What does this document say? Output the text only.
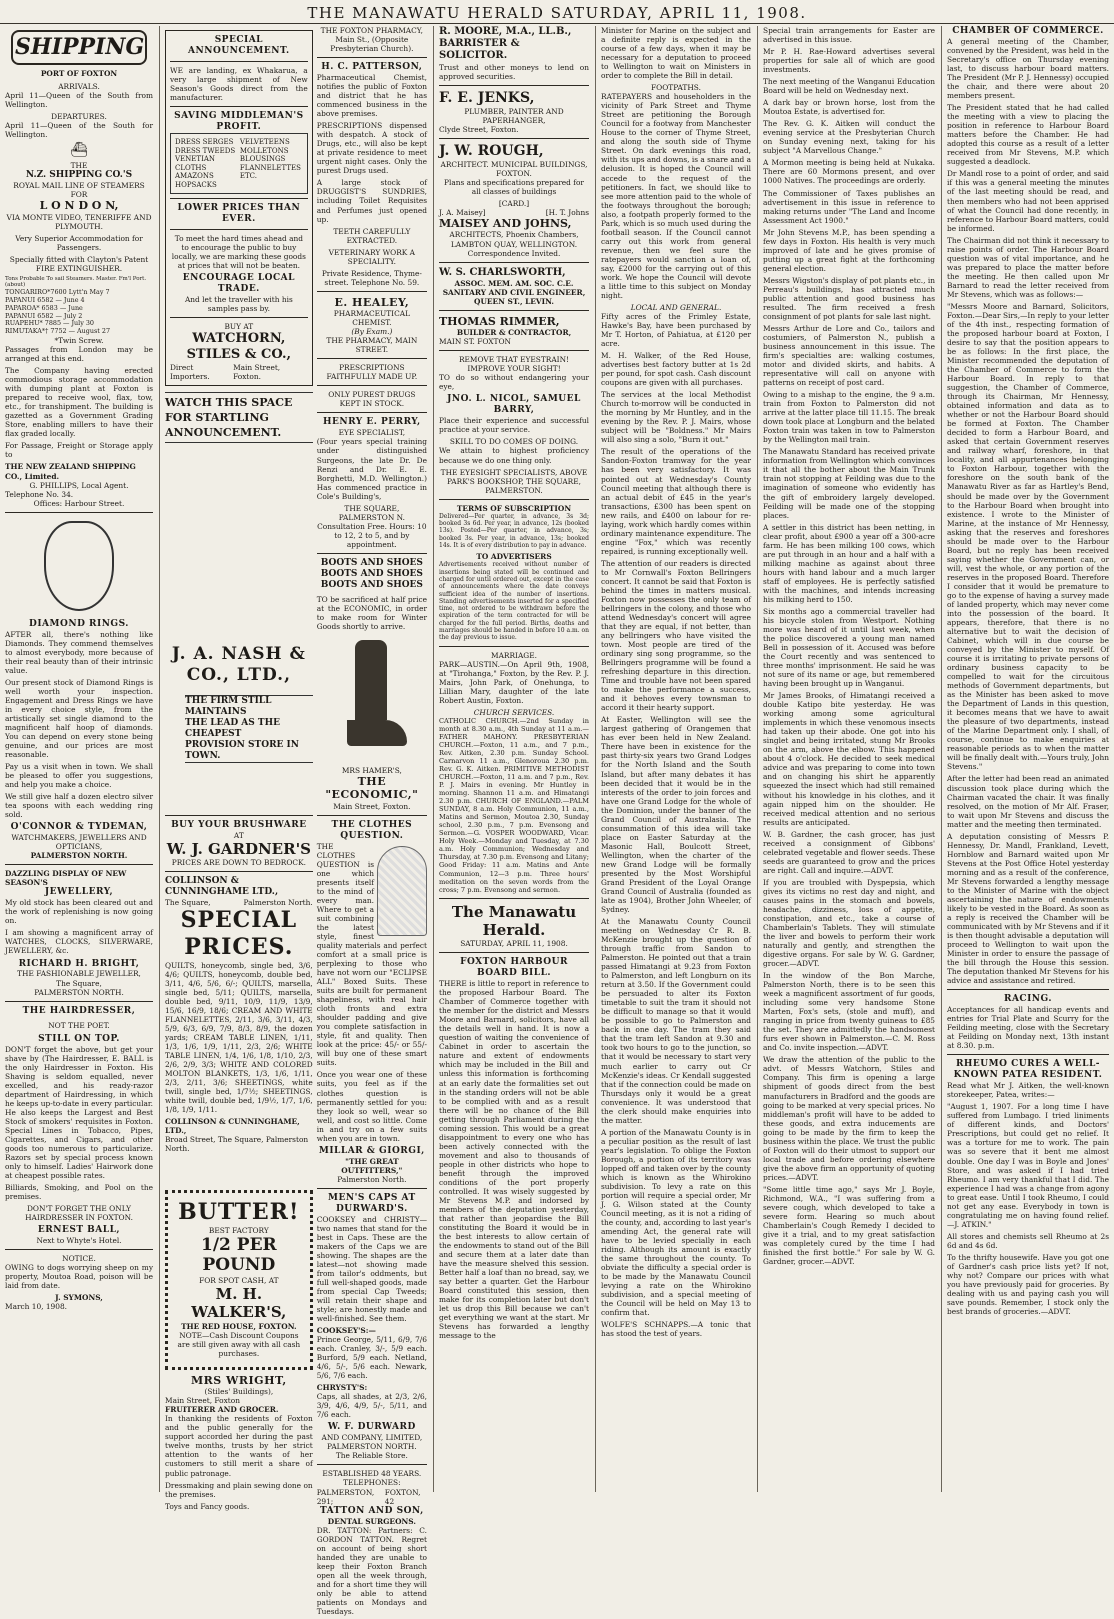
THE MANAWATU HERALD SATURDAY, APRIL 11, 1908.
SHIPPING
PORT OF FOXTON
ARRIVALS.

April 11—Queen of the South from Wellington.

DEPARTURES.

April 11—Queen of the South for Wellington.

⛴
THE
N.Z. SHIPPING CO.'S
ROYAL MAIL LINE OF STEAMERS
FOR
L O N D O N,
VIA MONTE VIDEO, TENERIFFE AND PLYMOUTH.

Very Superior Accommodation for Passengers.

Specially fitted with Clayton's Patent FIRE EXTINGUISHER.

Tons Probable To sail Steamers. Master. Fm'l Port. (about)
TONGARIRO*7600 Lytt'n May 7
PAPANUI 6582 — June 4
PAPAROA* 6583 — June
PAPANUI 6582 — July 2
RUAPEHU* 7885 — July 30
RIMUTAKA*† 7752 — August 27
*Twin Screw.

Passages from London may be arranged at this end.

The Company having erected commodious storage accommodation with dumping plant at Foxton is prepared to receive wool, flax, tow, etc., for transhipment. The building is gazetted as a Government Grading Store, enabling millers to have their flax graded locally.

For Passage, Freight or Storage apply to

THE NEW ZEALAND SHIPPING CO., Limited.
G. PHILLIPS, Local Agent.
Telephone No. 34.
Offices: Harbour Street.
DIAMOND RINGS.

AFTER all, there's nothing like Diamonds. They commend themselves to almost everybody, more because of their real beauty than of their intrinsic value.

Our present stock of Diamond Rings is well worth your inspection. Engagement and Dress Rings we have in every choice style, from the artistically set single diamond to the magnificent half hoop of diamonds. You can depend on every stone being genuine, and our prices are most reasonable.

Pay us a visit when in town. We shall be pleased to offer you suggestions, and help you make a choice.

We still give half a dozen electro silver tea spoons with each wedding ring sold.

O'CONNOR & TYDEMAN,
WATCHMAKERS, JEWELLERS AND OPTICIANS,
PALMERSTON NORTH.
DAZZLING DISPLAY OF NEW SEASON'S
JEWELLERY,

My old stock has been cleared out and the work of replenishing is now going on.

I am showing a magnificent array of WATCHES, CLOCKS, SILVERWARE, JEWELLERY, &c.

RICHARD H. BRIGHT,
THE FASHIONABLE JEWELLER,
The Square,
PALMERSTON NORTH.
THE HAIRDRESSER,
NOT THE POET.
STILL ON TOP.

DON'T forget the above, but get your shave by (The Hairdresser, E. BALL is the only Hairdresser in Foxton. His Shaving is seldom equalled, never excelled, and his ready-razor department of Hairdressing, in which he keeps up-to-date in every particular. He also keeps the Largest and Best Stock of smokers' requisites in Foxton. Special Lines in Tobacco, Pipes, Cigarettes, and Cigars, and other goods too numerous to particularize. Razors set by special process known only to himself. Ladies' Hairwork done at cheapest possible rates.

Billiards, Smoking, and Pool on the premises.

DON'T FORGET THE ONLY HAIRDRESSER IN FOXTON.

ERNEST BALL,
Next to Whyte's Hotel.
NOTICE.

OWING to dogs worrying sheep on my property, Moutoa Road, poison will be laid from date.

J. SYMONS,
March 10, 1908.
SPECIAL ANNOUNCEMENT.

WE are landing, ex Whakarua, a very large shipment of New Season's Goods direct from the manufacturer.

SAVING MIDDLEMAN'S PROFIT.
DRESS SERGES
DRESS TWEEDS
VENETIAN CLOTHS
AMAZONS
HOPSACKS
VELVETEENS
MOLLETONS
BLOUSINGS
FLANNELETTES
ETC.
LOWER PRICES THAN EVER.

To meet the hard times ahead and to encourage the public to buy locally, we are marking these goods at prices that will not be beaten.

ENCOURAGE LOCAL TRADE.

And let the traveller with his samples pass by.

BUY AT
WATCHORN, STILES & CO.,
Direct Importers.
Main Street, Foxton.
WATCH THIS SPACE
FOR STARTLING
ANNOUNCEMENT.
THE FOXTON PHARMACY, Main St., (Opposite Presbyterian Church).
H. C. PATTERSON,

Pharmaceutical Chemist, notifies the public of Foxton and district that he has commenced business in the above premises.

PRESCRIPTIONS dispensed with despatch. A stock of Drugs, etc., will also be kept at private residence to meet urgent night cases. Only the purest Drugs used.

A large stock of DRUGGIST'S SUNDRIES, including Toilet Requisites and Perfumes just opened up.

TEETH CAREFULLY EXTRACTED.
VETERINARY WORK A SPECIALITY.
Private Residence, Thyme-street. Telephone No. 59.
E. HEALEY,
PHARMACEUTICAL CHEMIST.
(By Exam.)
THE PHARMACY, MAIN STREET.
PRESCRIPTIONS FAITHFULLY MADE UP.
ONLY PUREST DRUGS KEPT IN STOCK.
HENRY E. PERRY,
EYE SPECIALIST,

(Four years special training under distinguished Surgeons, the late Dr. De Renzi and Dr. E. E. Borghetti, M.D. Wellington.) Has commenced practice in Cole's Building's,

THE SQUARE, PALMERSTON N.

Consultation Free. Hours: 10 to 12, 2 to 5, and by appointment.

BOOTS AND SHOES
BOOTS AND SHOES
BOOTS AND SHOES

TO be sacrificed at half price at the ECONOMIC, in order to make room for Winter Goods shortly to arrive.

J. A. NASH & CO., LTD.,
THE FIRM STILL MAINTAINS
THE LEAD AS THE CHEAPEST
PROVISION STORE IN TOWN.
MRS HAMER'S,
THE "ECONOMIC,"
Main Street, Foxton.
BUY YOUR BRUSHWARE
AT
W. J. GARDNER'S
PRICES ARE DOWN TO BEDROCK.
COLLINSON & CUNNINGHAME LTD.,
The Square,	Palmerston North.
SPECIAL PRICES.

QUILTS, honeycomb, single bed, 3/6, 4/6; QUILTS, honeycomb, double bed, 3/11, 4/6, 5/6, 6/-; QUILTS, marsella, single bed, 5/11; QUILTS, marsella, double bed, 9/11, 10/9, 11/9, 13/9, 15/6, 16/9, 18/6; CREAM AND WHITE FLANNELETTES, 2/11, 3/6, 3/11, 4/3, 5/9, 6/3, 6/9, 7/9, 8/3, 8/9, the dozen yards; CREAM TABLE LINEN, 1/11, 1/3, 1/6, 1/9, 1/11, 2/3, 2/6; WHITE TABLE LINEN, 1/4, 1/6, 1/8, 1/10, 2/3, 2/6, 2/9, 3/3; WHITE AND COLORED MOLTON BLANKETS, 1/3, 1/6, 1/11, 2/3, 2/11, 3/6; SHEETINGS, white twill, single bed, 1/7½; SHEETINGS, white twill, double bed, 1/9½, 1/7, 1/6, 1/8, 1/9, 1/11.

COLLINSON & CUNNINGHAME, LTD.,
Broad Street, The Square, Palmerston North.
THE CLOTHES QUESTION.

THE CLOTHES QUESTION is one which presents itself to the mind of every man. Where to get a suit combining the latest style, finest quality materials and perfect comfort at a small price is perplexing to those who have not worn our "ECLIPSE ALL" Boxed Suits. These suits are built for permanent shapeliness, with real hair cloth fronts and extra shoulder padding and give you complete satisfaction in style, fit and quality. Then look at the price: 45/- or 55/- will buy one of these smart suits.

Once you wear one of these suits, you feel as if the clothes question is permanently settled for you: they look so well, wear so well, and cost so little. Come in and try on a few suits when you are in town.

MILLAR & GIORGI,
"THE GREAT OUTFITTERS,"
Palmerston North.
BUTTER!
BEST FACTORY
1/2 PER POUND
FOR SPOT CASH, AT
M. H. WALKER'S,
THE RED HOUSE, FOXTON.

NOTE—Cash Discount Coupons are still given away with all cash purchases.

MRS WRIGHT,
(Stiles' Buildings),
Main Street, Foxton
FRUITERER AND GROCER.

In thanking the residents of Foxton and the public generally for the support accorded her during the past twelve months, trusts by her strict attention to the wants of her customers to still merit a share of public patronage.

Dressmaking and plain sewing done on the premises.

Toys and Fancy goods.
MEN'S CAPS AT DURWARD'S.

COOKSEY and CHRISTY—two names that stand for the best in Caps. These are the makers of the Caps we are showing. The shapes are the latest—not showing made from tailor's oddments, but full well-shaped goods, made from special Cap Tweeds; will retain their shape and style; are honestly made and well-finished. See them.

COOKSEY'S:—

Prince George, 5/11, 6/9, 7/6 each. Cranley, 3/-, 5/9 each. Burford, 5/9 each. Netland, 4/6, 5/-, 5/6 each. Newark, 5/6, 7/6 each.

CHRYSTY'S:

Caps, all shades, at 2/3, 2/6, 3/9, 4/6, 4/9, 5/-, 5/11, and 7/6 each.

W. F. DURWARD
AND COMPANY, LIMITED, PALMERSTON NORTH.
The Reliable Store.
ESTABLISHED 48 YEARS.
TELEPHONES:
PALMERSTON, 291;
FOXTON, 42
TATTON AND SON,
DENTAL SURGEONS.

DR. TATTON: Partners: C. GORDON TATTON. Regret on account of being short handed they are unable to keep their Foxton Branch open all the week through, and for a short time they will only be able to attend patients on Mondays and Tuesdays.

R. MOORE, M.A., LL.B., BARRISTER & SOLICITOR.

Trust and other moneys to lend on approved securities.

F. E. JENKS,
PLUMBER, PAINTER AND PAPERHANGER,
Clyde Street, Foxton.
J. W. ROUGH,
ARCHITECT. MUNICIPAL BUILDINGS, FOXTON.

Plans and specifications prepared for all classes of buildings

[CARD.]
J. A. Maisey]	[H. T. Johns
MAISEY AND JOHNS,
ARCHITECTS, Phoenix Chambers, LAMBTON QUAY, WELLINGTON.
Correspondence Invited.
W. S. CHARLSWORTH,
ASSOC. MEM. AM. SOC. C.E. SANITARY AND CIVIL ENGINEER, QUEEN ST., LEVIN.
THOMAS RIMMER,
BUILDER & CONTRACTOR,
MAIN ST. FOXTON
REMOVE THAT EYESTRAIN! IMPROVE YOUR SIGHT!

TO do so without endangering your eye,

JNO. L. NICOL, SAMUEL BARRY,

Place their experience and successful practice at your service.

SKILL TO DO COMES OF DOING.

We attain to highest proficiency because we do one thing only.

THE EYESIGHT SPECIALISTS, ABOVE PARK'S BOOKSHOP, THE SQUARE, PALMERSTON.
TERMS OF SUBSCRIPTION

Delivered—Per quarter, in advance, 3s 3d; booked 3s 6d. Per year, in advance, 12s (booked 13s). Posted—Per quarter, in advance, 3s; booked 3s. Per year, in advance, 13s; booked 14s. It is of every distribution to pay in advance.

TO ADVERTISERS

Advertisements received without number of insertions being stated will be continued and charged for until ordered out, except in the case of announcements where the date conveys sufficient idea of the number of insertions. Standing advertisements inserted for a specified time, not ordered to be withdrawn before the expiration of the term contracted for will be charged for the full period. Births, deaths and marriages should be handed in before 10 a.m. on the day previous to issue.

MARRIAGE.

PARK—AUSTIN.—On April 9th, 1908, at "Tirohanga," Foxton, by the Rev. P. J. Mairs, John Park, of Onehunga, to Lillian Mary, daughter of the late Robert Austin, Foxton.

CHURCH SERVICES.

CATHOLIC CHURCH.—2nd Sunday in month at 8.30 a.m., 4th Sunday at 11 a.m.—FATHER MAHONY. PRESBYTERIAN CHURCH.—Foxton, 11 a.m., and 7 p.m., Rev. Aitken, 2.30 p.m. Sunday School. Carnarvon 11 a.m., Glenoroua 2.30 p.m. Rev. G. K. Aitken. PRIMITIVE METHODIST CHURCH.—Foxton, 11 a.m. and 7 p.m., Rev. P. J. Mairs in evening. Mr Huntley in morning. Shannon 11 a.m. and Himatangi 2.30 p.m. CHURCH OF ENGLAND.—PALM SUNDAY, 8 a.m. Holy Communion, 11 a.m., Matins and Sermon, Moutoa 2.30, Sunday school, 2.30 p.m., 7 p.m. Evensong and Sermon.—G. VOSPER WOODWARD, Vicar. Holy Week.—Monday and Tuesday, at 7.30 a.m. Holy Communion; Wednesday and Thursday, at 7.30 p.m. Evensong and Litany; Good Friday: 11 a.m. Matins and Ante Communion, 12—3 p.m. Three hours' meditation on the seven words from the cross; 7 p.m. Evensong and sermon.

The Manawatu Herald.
SATURDAY, APRIL 11, 1908.
FOXTON HARBOUR BOARD BILL.

THERE is little to report in reference to the proposed Harbour Board. The Chamber of Commerce together with the member for the district and Messrs Moore and Barnard, solicitors, have all the details well in hand. It is now a question of waiting the convenience of Cabinet in order to ascertain the nature and extent of endowments which may be included in the Bill and unless this information is forthcoming at an early date the formalities set out in the standing orders will not be able to be complied with and as a result there will be no chance of the Bill getting through Parliament during the coming session. This would be a great disappointment to every one who has been actively connected with the movement and also to thousands of people in other districts who hope to benefit through the improved conditions of the port properly controlled. It was wisely suggested by Mr Stevens M.P. and indorsed by members of the deputation yesterday, that rather than jeopardise the Bill constituting the Board it would be in the best interests to allow certain of the endowments to stand out of the Bill and secure them at a later date than have the measure shelved this session. Better half a loaf than no bread, say, we say better a quarter. Get the Harbour Board constituted this session, then make for its completion later but don't let us drop this Bill because we can't get everything we want at the start. Mr Stevens has forwarded a lengthy message to the

Minister for Marine on the subject and a definite reply is expected in the course of a few days, when it may be necessary for a deputation to proceed to Wellington to wait on Ministers in order to complete the Bill in detail.

FOOTPATHS.

RATEPAYERS and householders in the vicinity of Park Street and Thyme Street are petitioning the Borough Council for a footway from Manchester House to the corner of Thyme Street, and along the south side of Thyme Street. On dark evenings this road, with its ups and downs, is a snare and a delusion. It is hoped the Council will accede to the request of the petitioners. In fact, we should like to see more attention paid to the whole of the footways throughout the borough; also, a footpath properly formed to the Park, which is so much used during the football season. If the Council cannot carry out this work from general revenue, then we feel sure the ratepayers would sanction a loan of, say, £2000 for the carrying out of this work. We hope the Council will devote a little time to this subject on Monday night.

LOCAL AND GENERAL.

Fifty acres of the Frimley Estate, Hawke's Bay, have been purchased by Mr T. Horton, of Pahiatua, at £120 per acre.

M. H. Walker, of the Red House, advertises best factory butter at 1s 2d per pound, for spot cash. Cash discount coupons are given with all purchases.

The services at the local Methodist Church to-morrow will be conducted in the morning by Mr Huntley, and in the evening by the Rev. P. J. Mairs, whose subject will be "Boldness." Mr Mairs will also sing a solo, "Burn it out."

The result of the operations of the Sandon-Foxton tramway for the year has been very satisfactory. It was pointed out at Wednesday's County Council meeting that although there is an actual debit of £45 in the year's transactions, £300 has been spent on new rails, and £400 on labour for re-laying, work which hardly comes within ordinary maintenance expenditure. The engine "Fox," which was recently repaired, is running exceptionally well.

The attention of our readers is directed to Mr Cornwall's Foxton Bellringers concert. It cannot be said that Foxton is behind the times in matters musical. Foxton now possesses the only team of bellringers in the colony, and those who attend Wednesday's concert will agree that they are equal, if not better, than any bellringers who have visited the town. Most people are tired of the ordinary sing song programme, so the Bellringers programme will be found a refreshing departure in this direction. Time and trouble have not been spared to make the performance a success, and it behoves every townsman to accord it their hearty support.

At Easter, Wellington will see the largest gathering of Orangemen that has ever been held in New Zealand. There have been in existence for the past thirty-six years two Grand Lodges for the North Island and the South Island, but after many debates it has been decided that it would be in the interests of the order to join forces and have one Grand Lodge for the whole of the Dominion, under the banner of the Grand Council of Australasia. The consummation of this idea will take place on Easter Saturday at the Masonic Hall, Boulcott Street, Wellington, when the charter of the new Grand Lodge will be formally presented by the Most Worshipful Grand President of the Loyal Orange Grand Council of Australia (founded as late as 1904), Brother John Wheeler, of Sydney.

At the Manawatu County Council meeting on Wednesday Cr R. B. McKenzie brought up the question of through traffic from Sandon to Palmerston. He pointed out that a train passed Himatangi at 9.23 from Foxton to Palmerston, and left Longburn on its return at 3.50. If the Government could be persuaded to alter its Foxton timetable to suit the tram it should not be difficult to manage so that it would be possible to go to Palmerston and back in one day. The tram they said that the tram left Sandon at 9.30 and took two hours to go to the junction, so that it would be necessary to start very much earlier to carry out Cr McKenzie's ideas. Cr Kendall suggested that if the connection could be made on Thursdays only it would be a great convenience. It was understood that the clerk should make enquiries into the matter.

A portion of the Manawatu County is in a peculiar position as the result of last year's legislation. To oblige the Foxton Borough, a portion of its territory was lopped off and taken over by the county which is known as the Whirokino subdivision. To levy a rate on this portion will require a special order, Mr J. G. Wilson stated at the County Council meeting, as it is not a riding of the county, and, according to last year's amending Act, the general rate will have to be levied specially in each riding. Although its amount is exactly the same throughout the county. To obviate the difficulty a special order is to be made by the Manawatu Council levying a rate on the Whirokino subdivision, and a special meeting of the Council will be held on May 13 to confirm that.

WOLFE'S SCHNAPPS.—A tonic that has stood the test of years.

Special train arrangements for Easter are advertised in this issue.

Mr P. H. Rae-Howard advertises several properties for sale all of which are good investments.

The next meeting of the Wanganui Education Board will be held on Wednesday next.

A dark bay or brown horse, lost from the Moutoa Estate, is advertised for.

The Rev. G. K. Aitken will conduct the evening service at the Presbyterian Church on Sunday evening next, taking for his subject "A Marvellous Change."

A Mormon meeting is being held at Nukaka. There are 60 Mormons present, and over 1000 Natives. The proceedings are orderly.

The Commissioner of Taxes publishes an advertisement in this issue in reference to making returns under "The Land and Income Assessment Act 1900."

Mr John Stevens M.P., has been spending a few days in Foxton. His health is very much improved of late and he gives promise of putting up a great fight at the forthcoming general election.

Messrs Wigston's display of pot plants etc., in Perreau's buildings, has attracted much public attention and good business has resulted. The firm received a fresh consignment of pot plants for sale last night.

Messrs Arthur de Lore and Co., tailors and costumiers, of Palmerston N., publish a business announcement in this issue. The firm's specialties are: walking costumes, motor and divided skirts, and habits. A representative will call on anyone with patterns on receipt of post card.

Owing to a mishap to the engine, the 9 a.m. train from Foxton to Palmerston did not arrive at the latter place till 11.15. The break down took place at Longburn and the belated Foxton train was taken in tow to Palmerston by the Wellington mail train.

The Manawatu Standard has received private information from Wellington which convinces it that all the bother about the Main Trunk train not stopping at Feilding was due to the imagination of someone who evidently has the gift of embroidery largely developed. Feilding will be made one of the stopping places.

A settler in this district has been netting, in clear profit, about £900 a year off a 300-acre farm. He has been milking 100 cows, which are put through in an hour and a half with a milking machine as against about three hours with hand labour and a much larger staff of employees. He is perfectly satisfied with the machines, and intends increasing his milking herd to 150.

Six months ago a commercial traveller had his bicycle stolen from Westport. Nothing more was heard of it until last week, when the police discovered a young man named Bell in possession of it. Accused was before the Court recently and was sentenced to three months' imprisonment. He said he was not sure of its name or age, but remembered having been brought up in Wanganui.

Mr James Brooks, of Himatangi received a double Katipo bite yesterday. He was working among some agricultural implements in which these venomous insects had taken up their abode. One got into his singlet and being irritated, stung Mr Brooks on the arm, above the elbow. This happened about 4 o'clock. He decided to seek medical advice and was preparing to come into town and on changing his shirt he apparently squeezed the insect which had still remained without his knowledge in his clothes, and it again nipped him on the shoulder. He received medical attention and no serious results are anticipated.

W. B. Gardner, the cash grocer, has just received a consignment of Gibbons' celebrated vegetable and flower seeds. These seeds are guaranteed to grow and the prices are right. Call and inquire.—ADVT.

If you are troubled with Dyspepsia, which gives its victims no rest day and night, and causes pains in the stomach and bowels, headache, dizziness, loss of appetite, constipation, and etc., take a course of Chamberlain's Tablets. They will stimulate the liver and bowels to perform their work naturally and gently, and strengthen the digestive organs. For sale by W. G. Gardner, grocer.—ADVT.

In the window of the Bon Marche, Palmerston North, there is to be seen this week a magnificent assortment of fur goods, including some very handsome Stone Marten, Fox's sets, (stole and muff), and ranging in price from twenty guineas to £85 the set. They are admittedly the handsomest furs ever shown in Palmerston.—C. M. Ross and Co. invite inspection.—ADVT.

We draw the attention of the public to the advt. of Messrs Watchorn, Stiles and Company. This firm is opening a large shipment of goods direct from the best manufacturers in Bradford and the goods are going to be marked at very special prices. No middleman's profit will have to be added to these goods, and extra inducements are going to be made by the firm to keep the business within the place. We trust the public of Foxton will do their utmost to support our local trade and before ordering elsewhere give the above firm an opportunity of quoting prices.—ADVT.

"Some little time ago," says Mr J. Boyle, Richmond, W.A., "I was suffering from a severe cough, which developed to take a severe form. Hearing so much about Chamberlain's Cough Remedy I decided to give it a trial, and to my great satisfaction was completely cured by the time I had finished the first bottle." For sale by W. G. Gardner, grocer.—ADVT.

CHAMBER OF COMMERCE.

A general meeting of the Chamber, convened by the President, was held in the Secretary's office on Thursday evening last, to discuss harbour board matters. The President (Mr P. J. Hennessy) occupied the chair, and there were about 20 members present.

The President stated that he had called the meeting with a view to placing the position in reference to Harbour Board matters before the Chamber. He had adopted this course as a result of a letter received from Mr Stevens, M.P. which suggested a deadlock.

Dr Mandl rose to a point of order, and said if this was a general meeting the minutes of the last meeting should be read, and then members who had not been apprised of what the Council had done recently, in reference to Harbour Board matters, could be informed.

The Chairman did not think it necessary to raise points of order. The Harbour Board question was of vital importance, and he was prepared to place the matter before the meeting. He then called upon Mr Barnard to read the letter received from Mr Stevens, which was as follows:—

"Messrs Moore and Barnard, Solicitors, Foxton.—Dear Sirs,—In reply to your letter of the 4th inst., respecting formation of the proposed harbour board at Foxton, I desire to say that the position appears to be as follows: In the first place, the Minister recommended the deputation of the Chamber of Commerce to form the Harbour Board. In reply to that suggestion, the Chamber of Commerce, through its Chairman, Mr Hennessy, obtained information and data as to whether or not the Harbour Board should be formed at Foxton. The Chamber decided to form a Harbour Board, and asked that certain Government reserves and railway wharf, foreshore, in that locality, and all appurtenances belonging to Foxton Harbour, together with the foreshore on the south bank of the Manawatu River as far as Hartley's Bend, should be made over by the Government to the Harbour Board when brought into existence. I wrote to the Minister of Marine, at the instance of Mr Hennessy, asking that the reserves and foreshores should be made over to the Harbour Board, but no reply has been received saying whether the Government can, or will, vest the whole, or any portion of the reserves in the proposed Board. Therefore I consider that it would be premature to go to the expense of having a survey made of landed property, which may never come into the possession of the board. It appears, therefore, that there is no alternative but to wait the decision of Cabinet, which will in due course be conveyed by the Minister to myself. Of course it is irritating to private persons of ordinary business capacity to be compelled to wait for the circuitous methods of Government departments, but as the Minister has been asked to move the Department of Lands in this question, it becomes means that we have to await the pleasure of two departments, instead of the Marine Department only. I shall, of course, continue to make enquiries at reasonable periods as to when the matter will be finally dealt with.—Yours truly, John Stevens."

After the letter had been read an animated discussion took place during which the Chairman vacated the chair. It was finally resolved, on the motion of Mr Alf. Fraser, to wait upon Mr Stevens and discuss the matter and the meeting then terminated.

A deputation consisting of Messrs P. Hennessy, Dr. Mandl, Frankland, Levett, Hornblow and Barnard waited upon Mr Stevens at the Post Office Hotel yesterday morning and as a result of the conference, Mr Stevens forwarded a lengthy message to the Minister of Marine with the object ascertaining the nature of endowments likely to be vested in the Board. As soon as a reply is received the Chamber will be communicated with by Mr Stevens and if it is then thought advisable a deputation will proceed to Wellington to wait upon the Minister in order to ensure the passage of the bill through the House this session. The deputation thanked Mr Stevens for his advice and assistance and retired.

RACING.

Acceptances for all handicap events and entries for Trial Plate and Scurry for the Feilding meeting, close with the Secretary at Feilding on Monday next, 13th instant at 8.30. p.m.

RHEUMO CURES A WELL-KNOWN PATEA RESIDENT.

Read what Mr J. Aitken, the well-known storekeeper, Patea, writes:—

"August 1, 1907. For a long time I have suffered from Lumbago. I tried liniments of different kinds, and Doctors' Prescriptions, but could get no relief. It was a torture for me to work. The pain was so severe that it bent me almost double. One day I was in Boyle and Jones' Store, and was asked if I had tried Rheumo. I am very thankful that I did. The experience I had was a change from agony to great ease. Until I took Rheumo, I could not get any ease. Everybody in town is congratulating me on having found relief. —J. ATKIN."

All stores and chemists sell Rheumo at 2s 6d and 4s 6d.

To the thrifty housewife. Have you got one of Gardner's cash price lists yet? If not, why not? Compare our prices with what you have previously paid for groceries. By dealing with us and paying cash you will save pounds. Remember, I stock only the best brands of groceries.—ADVT.
